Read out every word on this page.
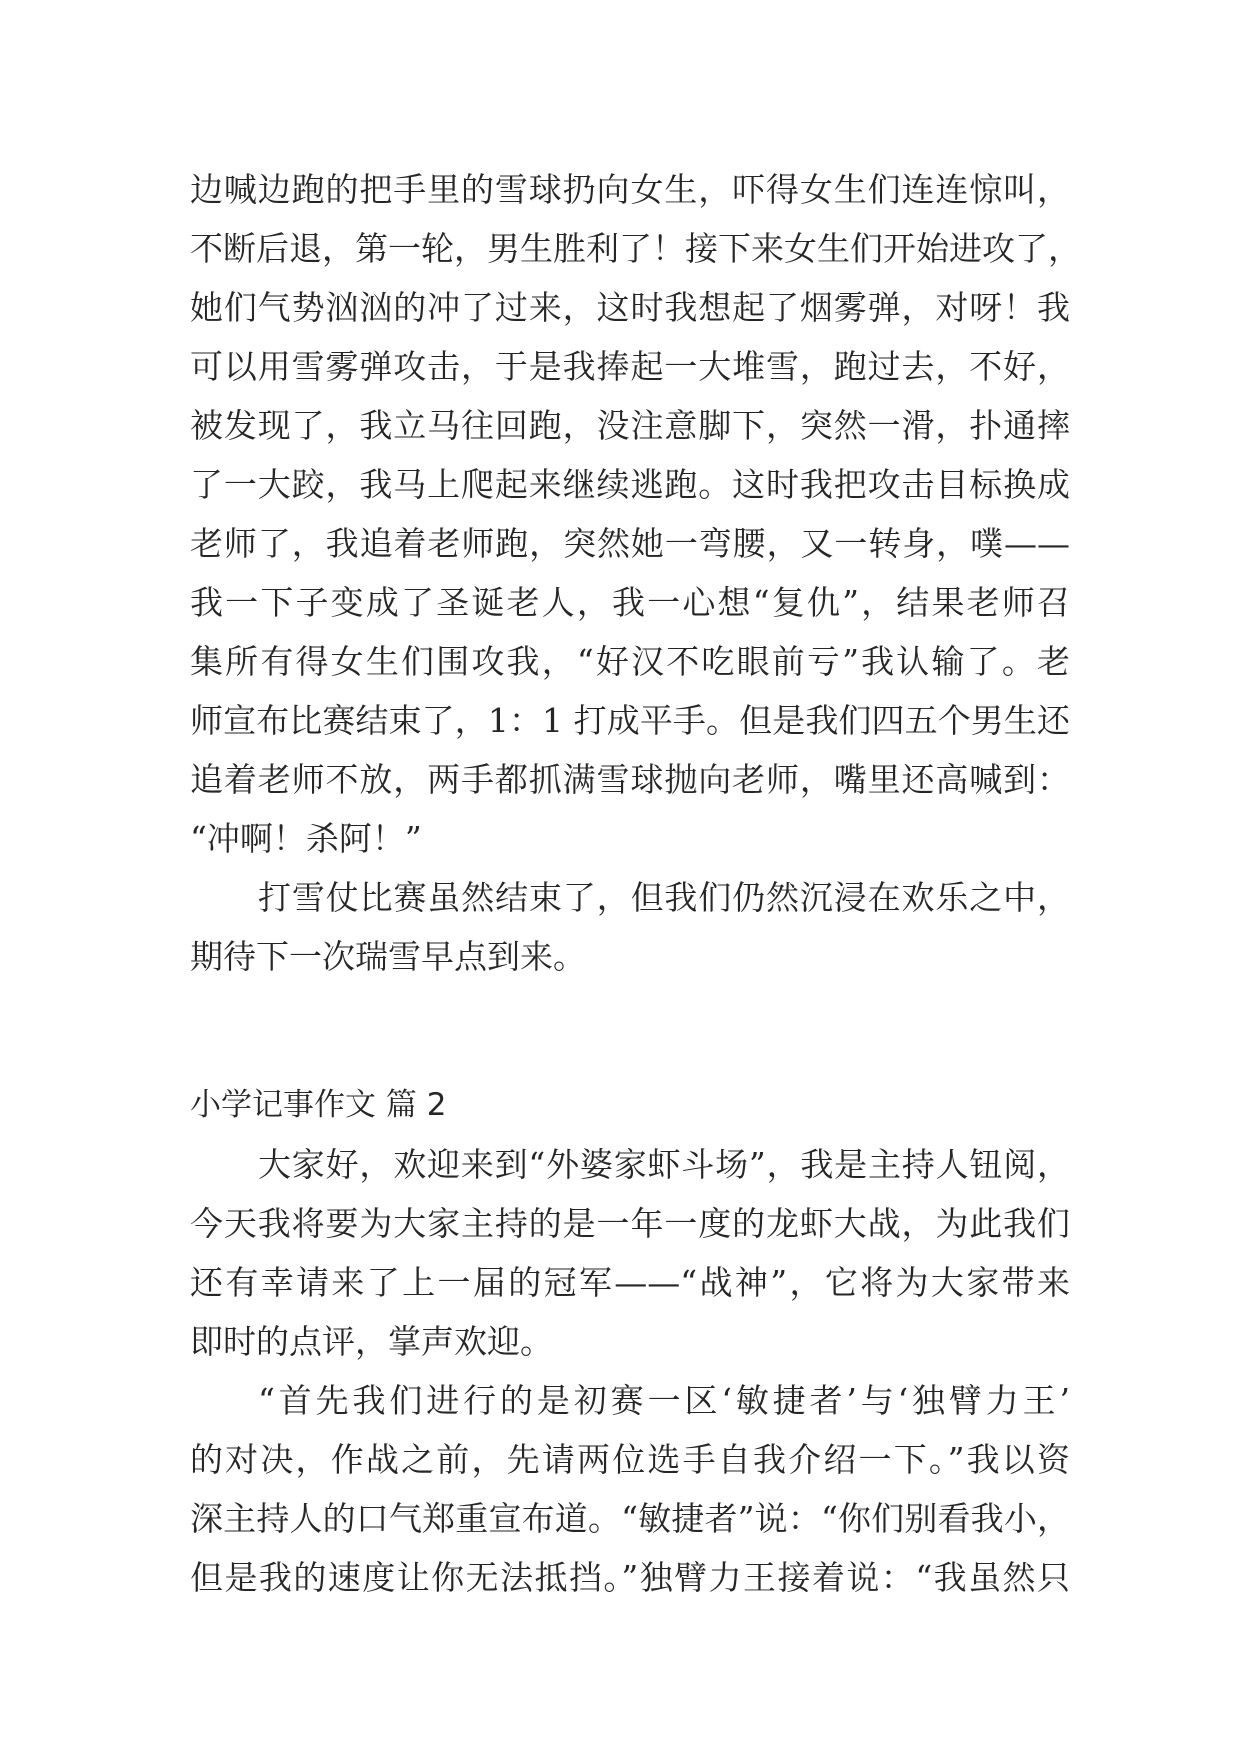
边喊边跑的把手里的雪球扔向女生，吓得女生们连连惊叫，
不断后退，第一轮，男生胜利了！接下来女生们开始进攻了，
她们气势汹汹的冲了过来，这时我想起了烟雾弹，对呀！我
可以用雪雾弹攻击，于是我捧起一大堆雪，跑过去，不好，
被发现了，我立马往回跑，没注意脚下，突然一滑，扑通摔
了一大跤，我马上爬起来继续逃跑。这时我把攻击目标换成
老师了，我追着老师跑，突然她一弯腰，又一转身，噗——
我一下子变成了圣诞老人，我一心想“复仇”，结果老师召
集所有得女生们围攻我，“好汉不吃眼前亏”我认输了。老
师宣布比赛结束了，1：1 打成平手。但是我们四五个男生还
追着老师不放，两手都抓满雪球抛向老师，嘴里还高喊到：
“冲啊！杀阿！”
打雪仗比赛虽然结束了，但我们仍然沉浸在欢乐之中，
期待下一次瑞雪早点到来。
小学记事作文 篇 2
大家好，欢迎来到“外婆家虾斗场”，我是主持人钮阅，
今天我将要为大家主持的是一年一度的龙虾大战，为此我们
还有幸请来了上一届的冠军——“战神”，它将为大家带来
即时的点评，掌声欢迎。
“首先我们进行的是初赛一区‘敏捷者’与‘独臂力王’
的对决，作战之前，先请两位选手自我介绍一下。”我以资
深主持人的口气郑重宣布道。“敏捷者”说：“你们别看我小，
但是我的速度让你无法抵挡。”独臂力王接着说：“我虽然只
